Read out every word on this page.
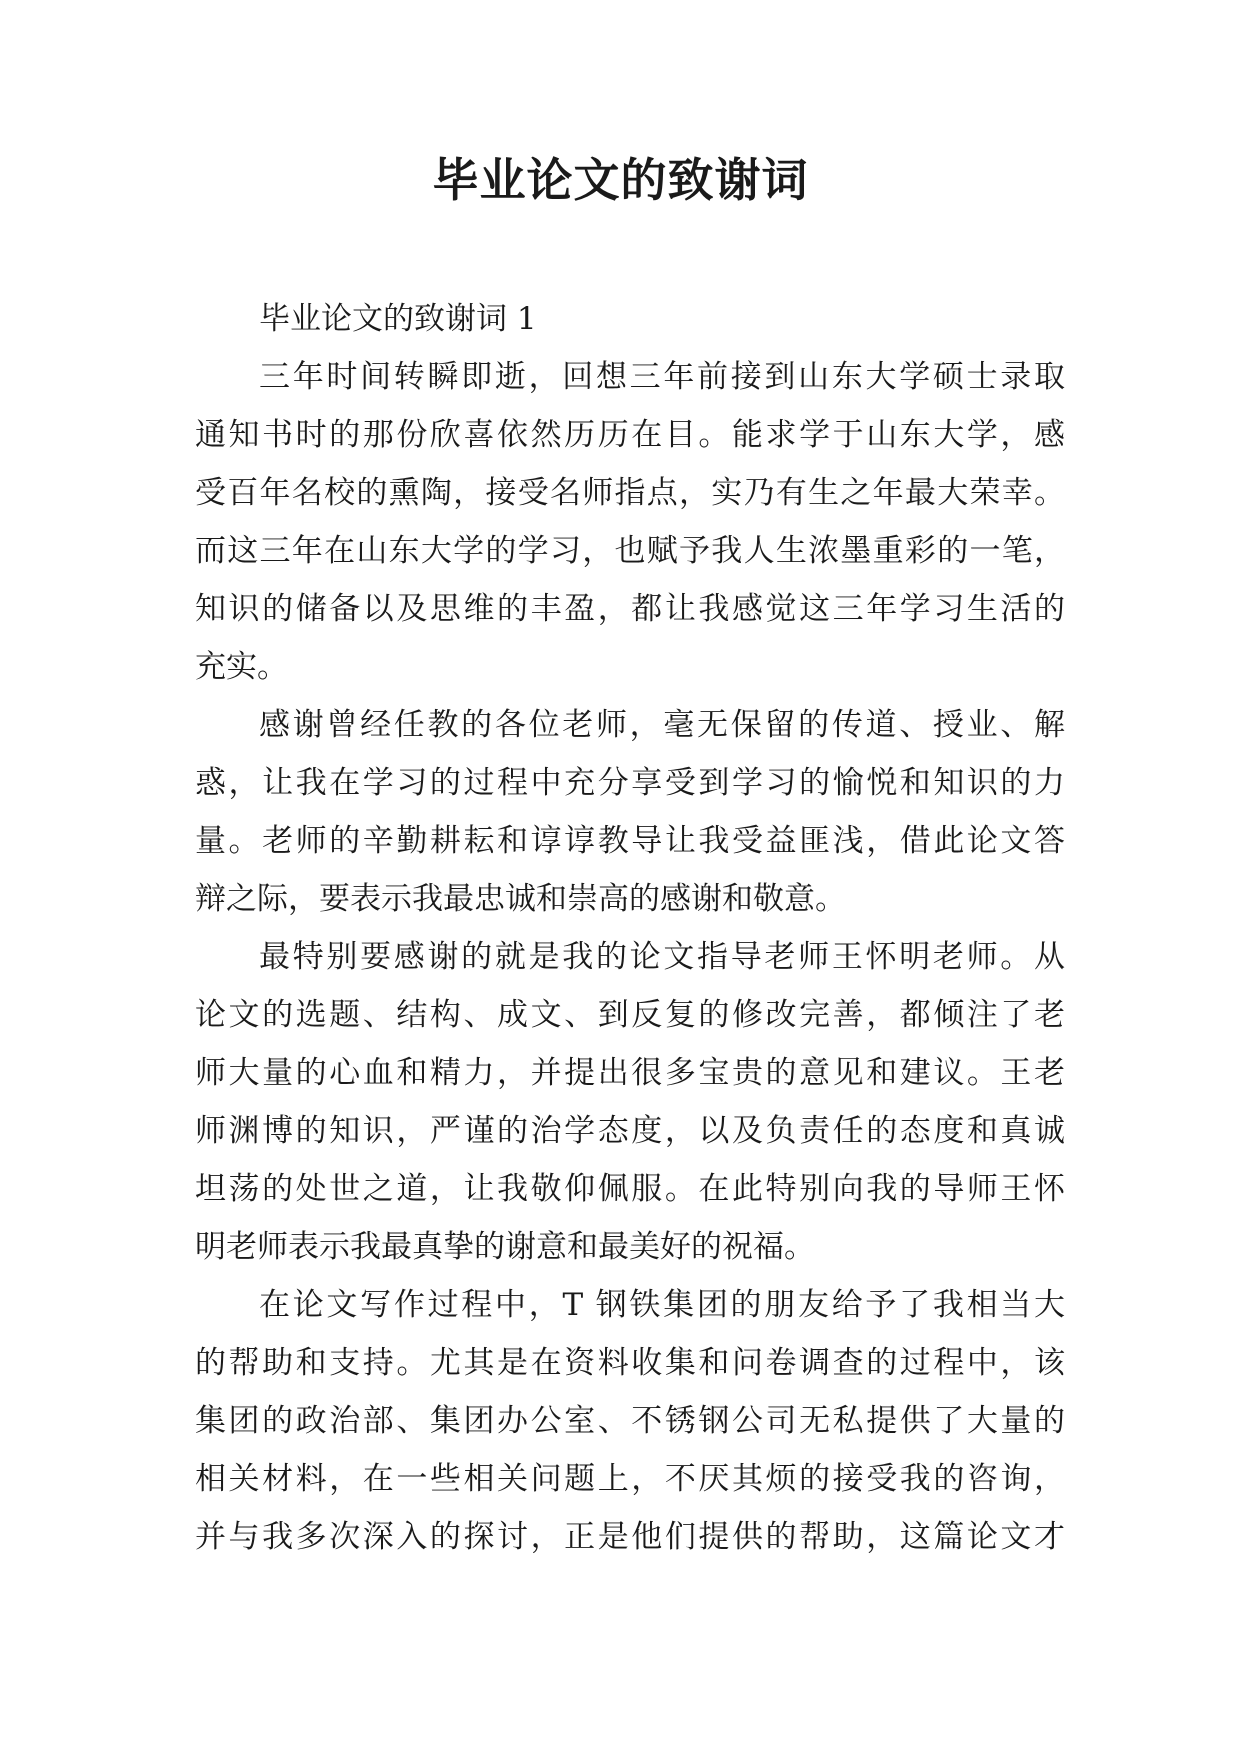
毕业论文的致谢词

毕业论文的致谢词 1

三年时间转瞬即逝，回想三年前接到山东大学硕士录取
通知书时的那份欣喜依然历历在目。能求学于山东大学，感
受百年名校的熏陶，接受名师指点，实乃有生之年最大荣幸。
而这三年在山东大学的学习，也赋予我人生浓墨重彩的一笔，
知识的储备以及思维的丰盈，都让我感觉这三年学习生活的
充实。

感谢曾经任教的各位老师，毫无保留的传道、授业、解
惑，让我在学习的过程中充分享受到学习的愉悦和知识的力
量。老师的辛勤耕耘和谆谆教导让我受益匪浅，借此论文答
辩之际，要表示我最忠诚和崇高的感谢和敬意。

最特别要感谢的就是我的论文指导老师王怀明老师。从
论文的选题、结构、成文、到反复的修改完善，都倾注了老
师大量的心血和精力，并提出很多宝贵的意见和建议。王老
师渊博的知识，严谨的治学态度，以及负责任的态度和真诚
坦荡的处世之道，让我敬仰佩服。在此特别向我的导师王怀
明老师表示我最真挚的谢意和最美好的祝福。

在论文写作过程中，T 钢铁集团的朋友给予了我相当大
的帮助和支持。尤其是在资料收集和问卷调查的过程中，该
集团的政治部、集团办公室、不锈钢公司无私提供了大量的
相关材料，在一些相关问题上，不厌其烦的接受我的咨询，
并与我多次深入的探讨，正是他们提供的帮助，这篇论文才
